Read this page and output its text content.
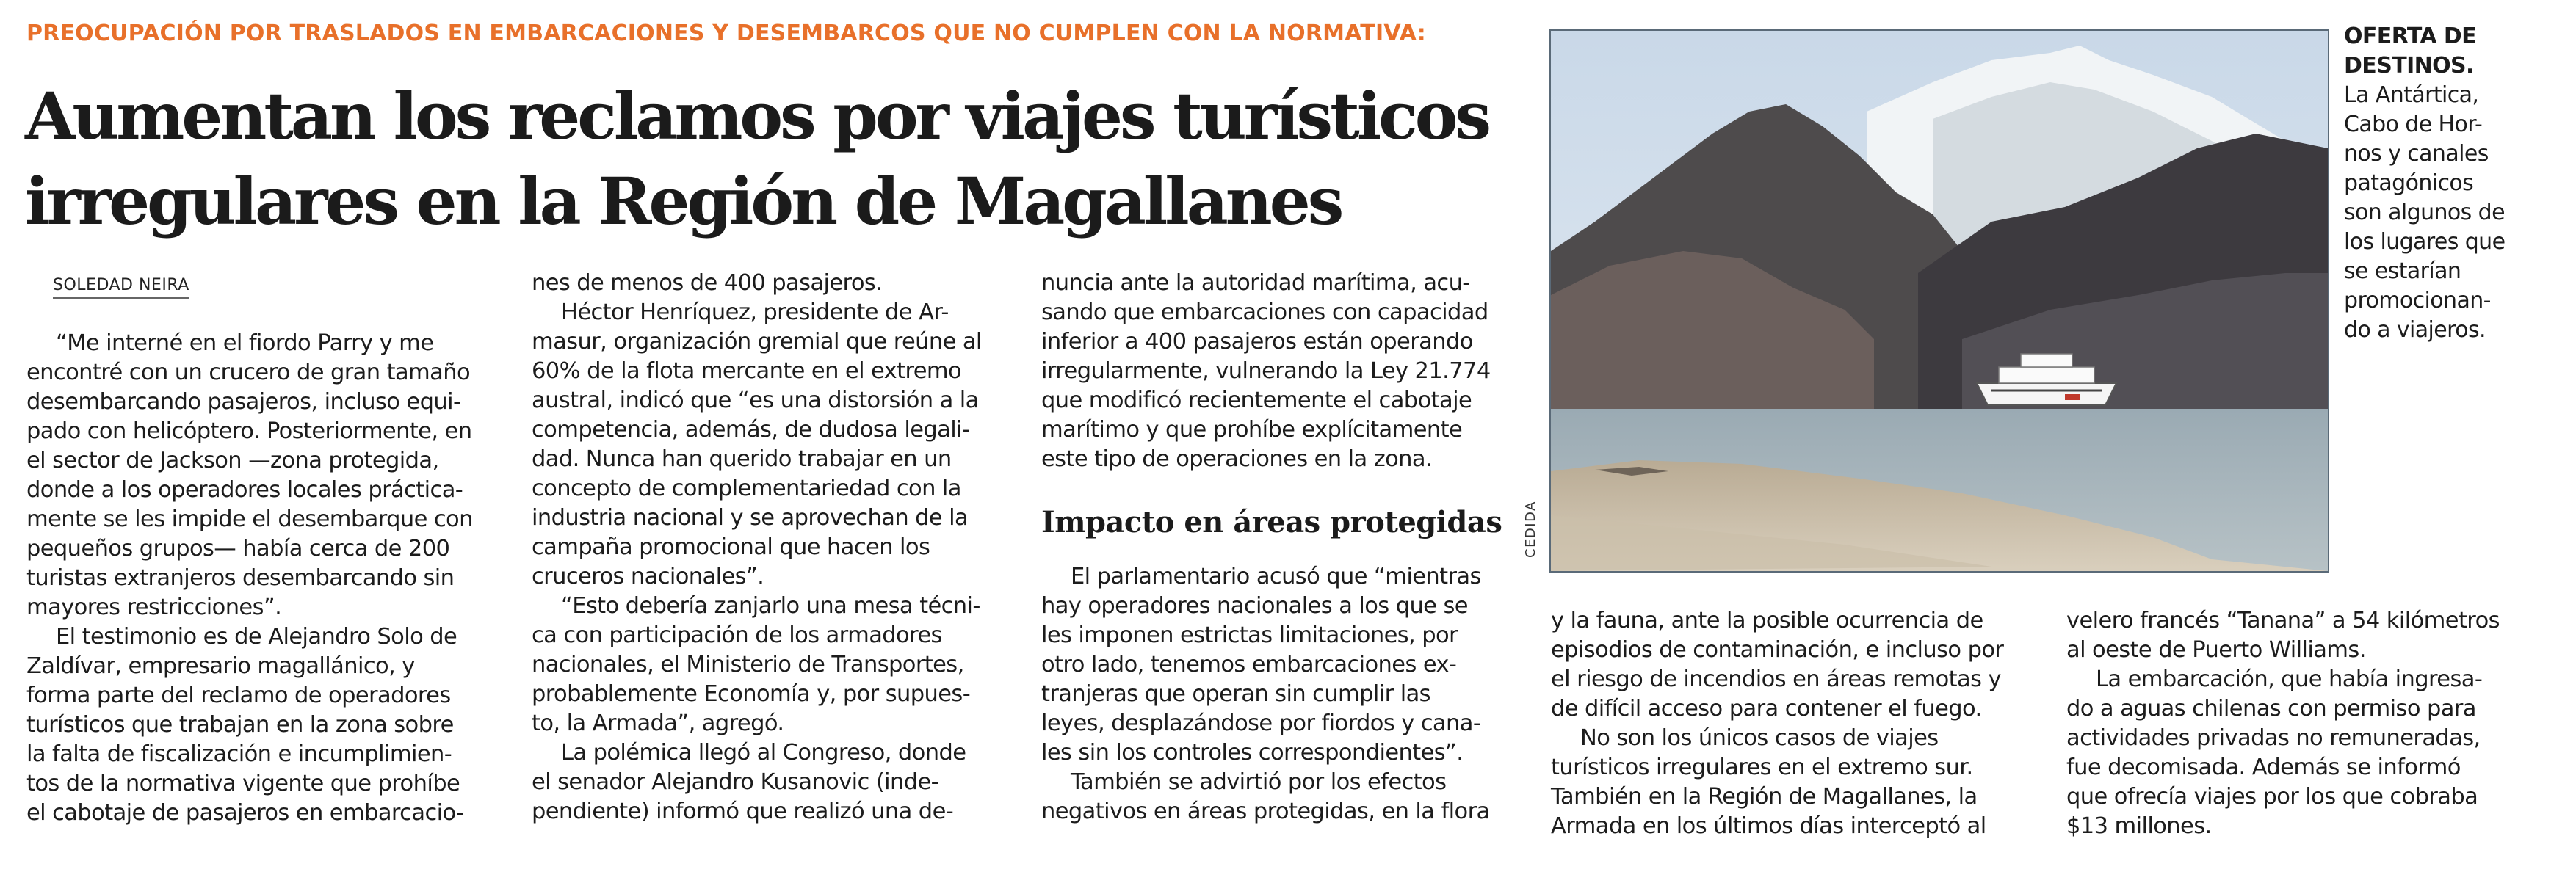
PREOCUPACIÓN POR TRASLADOS EN EMBARCACIONES Y DESEMBARCOS QUE NO CUMPLEN CON LA NORMATIVA:
Aumentan los reclamos por viajes turísticos
irregulares en la Región de Magallanes
SOLEDAD NEIRA

“Me interné en el fiordo Parry y me

encontré con un crucero de gran tamaño

desembarcando pasajeros, incluso equi-

pado con helicóptero. Posteriormente, en

el sector de Jackson —zona protegida,

donde a los operadores locales práctica-

mente se les impide el desembarque con

pequeños grupos— había cerca de 200

turistas extranjeros desembarcando sin

mayores restricciones”.

El testimonio es de Alejandro Solo de

Zaldívar, empresario magallánico, y

forma parte del reclamo de operadores

turísticos que trabajan en la zona sobre

la falta de fiscalización e incumplimien-

tos de la normativa vigente que prohíbe

el cabotaje de pasajeros en embarcacio-

nes de menos de 400 pasajeros.

Héctor Henríquez, presidente de Ar-

masur, organización gremial que reúne al

60% de la flota mercante en el extremo

austral, indicó que “es una distorsión a la

competencia, además, de dudosa legali-

dad. Nunca han querido trabajar en un

concepto de complementariedad con la

industria nacional y se aprovechan de la

campaña promocional que hacen los

cruceros nacionales”.

“Esto debería zanjarlo una mesa técni-

ca con participación de los armadores

nacionales, el Ministerio de Transportes,

probablemente Economía y, por supues-

to, la Armada”, agregó.

La polémica llegó al Congreso, donde

el senador Alejandro Kusanovic (inde-

pendiente) informó que realizó una de-

nuncia ante la autoridad marítima, acu-

sando que embarcaciones con capacidad

inferior a 400 pasajeros están operando

irregularmente, vulnerando la Ley 21.774

que modificó recientemente el cabotaje

marítimo y que prohíbe explícitamente

este tipo de operaciones en la zona.

El parlamentario acusó que “mientras

hay operadores nacionales a los que se

les imponen estrictas limitaciones, por

otro lado, tenemos embarcaciones ex-

tranjeras que operan sin cumplir las

leyes, desplazándose por fiordos y cana-

les sin los controles correspondientes”.

También se advirtió por los efectos

negativos en áreas protegidas, en la flora

Impacto en áreas protegidas

y la fauna, ante la posible ocurrencia de

episodios de contaminación, e incluso por

el riesgo de incendios en áreas remotas y

de difícil acceso para contener el fuego.

No son los únicos casos de viajes

turísticos irregulares en el extremo sur.

También en la Región de Magallanes, la

Armada en los últimos días interceptó al

velero francés “Tanana” a 54 kilómetros

al oeste de Puerto Williams.

La embarcación, que había ingresa-

do a aguas chilenas con permiso para

actividades privadas no remuneradas,

fue decomisada. Además se informó

que ofrecía viajes por los que cobraba

$13 millones.

CEDIDA
OFERTA DE
DESTINOS.
La Antártica,
Cabo de Hor-
nos y canales
patagónicos
son algunos de
los lugares que
se estarían
promocionan-
do a viajeros.
